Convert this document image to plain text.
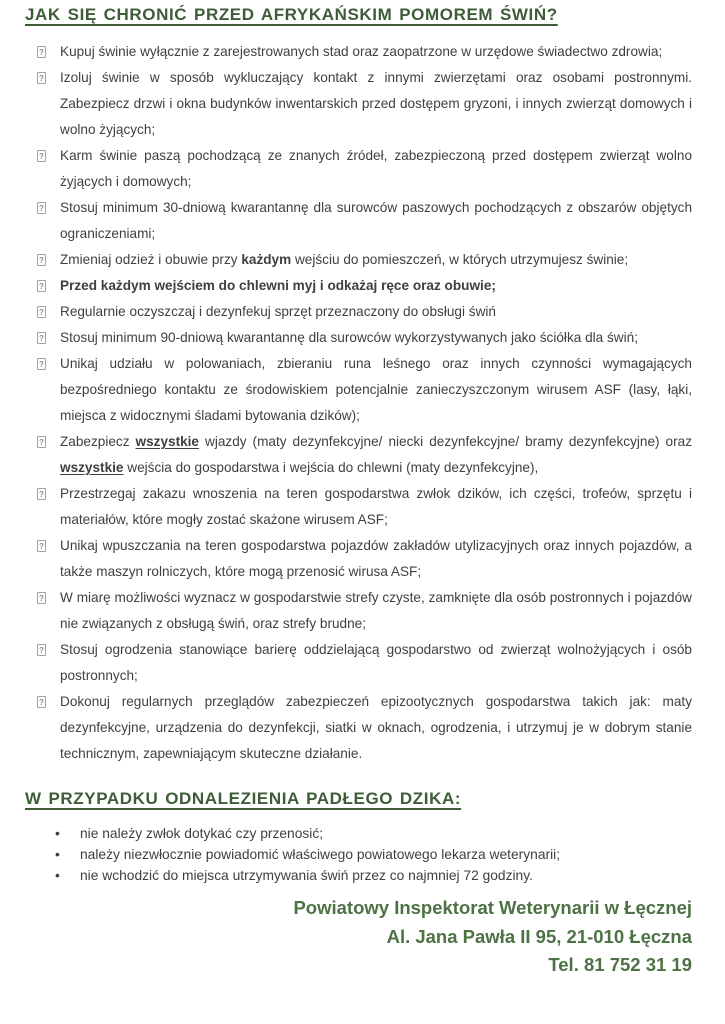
JAK SIĘ CHRONIĆ PRZED AFRYKAŃSKIM POMOREM ŚWIŃ?
? Kupuj świnie wyłącznie z zarejestrowanych stad oraz zaopatrzone w urzędowe świadectwo zdrowia;
? Izoluj świnie w sposób wykluczający kontakt z innymi zwierzętami oraz osobami postronnymi. Zabezpiecz drzwi i okna budynków inwentarskich przed dostępem gryzoni, i innych zwierząt domowych i wolno żyjących;
? Karm świnie paszą pochodzącą ze znanych źródeł, zabezpieczoną przed dostępem zwierząt wolno żyjących i domowych;
? Stosuj minimum 30-dniową kwarantannę dla surowców paszowych pochodzących z obszarów objętych ograniczeniami;
? Zmieniaj odzież i obuwie przy każdym wejściu do pomieszczeń, w których utrzymujesz świnie;
? Przed każdym wejściem do chlewni myj i odkażaj ręce oraz obuwie;
? Regularnie oczyszczaj i dezynfekuj sprzęt przeznaczony do obsługi świń
? Stosuj minimum 90-dniową kwarantannę dla surowców wykorzystywanych jako ściółka dla świń;
? Unikaj udziału w polowaniach, zbieraniu runa leśnego oraz innych czynności wymagających bezpośredniego kontaktu ze środowiskiem potencjalnie zanieczyszczonym wirusem ASF (lasy, łąki, miejsca z widocznymi śladami bytowania dzików);
? Zabezpiecz wszystkie wjazdy (maty dezynfekcyjne/ niecki dezynfekcyjne/ bramy dezynfekcyjne) oraz wszystkie wejścia do gospodarstwa i wejścia do chlewni (maty dezynfekcyjne),
? Przestrzegaj zakazu wnoszenia na teren gospodarstwa zwłok dzików, ich części, trofeów, sprzętu i materiałów, które mogły zostać skażone wirusem ASF;
? Unikaj wpuszczania na teren gospodarstwa pojazdów zakładów utylizacyjnych oraz innych pojazdów, a także maszyn rolniczych, które mogą przenosić wirusa ASF;
? W miarę możliwości wyznacz w gospodarstwie strefy czyste, zamknięte dla osób postronnych i pojazdów nie związanych z obsługą świń, oraz strefy brudne;
? Stosuj ogrodzenia stanowiące barierę oddzielającą gospodarstwo od zwierząt wolnożyjących i osób postronnych;
? Dokonuj regularnych przeglądów zabezpieczeń epizootycznych gospodarstwa takich jak: maty dezynfekcyjne, urządzenia do dezynfekcji, siatki w oknach, ogrodzenia, i utrzymuj je w dobrym stanie technicznym, zapewniającym skuteczne działanie.
W PRZYPADKU ODNALEZIENIA PADŁEGO DZIKA:
• nie należy zwłok dotykać czy przenosić;
• należy niezwłocznie powiadomić właściwego powiatowego lekarza weterynarii;
• nie wchodzić do miejsca utrzymywania świń przez co najmniej 72 godziny.
Powiatowy Inspektorat Weterynarii w Łęcznej
Al. Jana Pawła II 95, 21-010 Łęczna
Tel. 81 752 31 19
